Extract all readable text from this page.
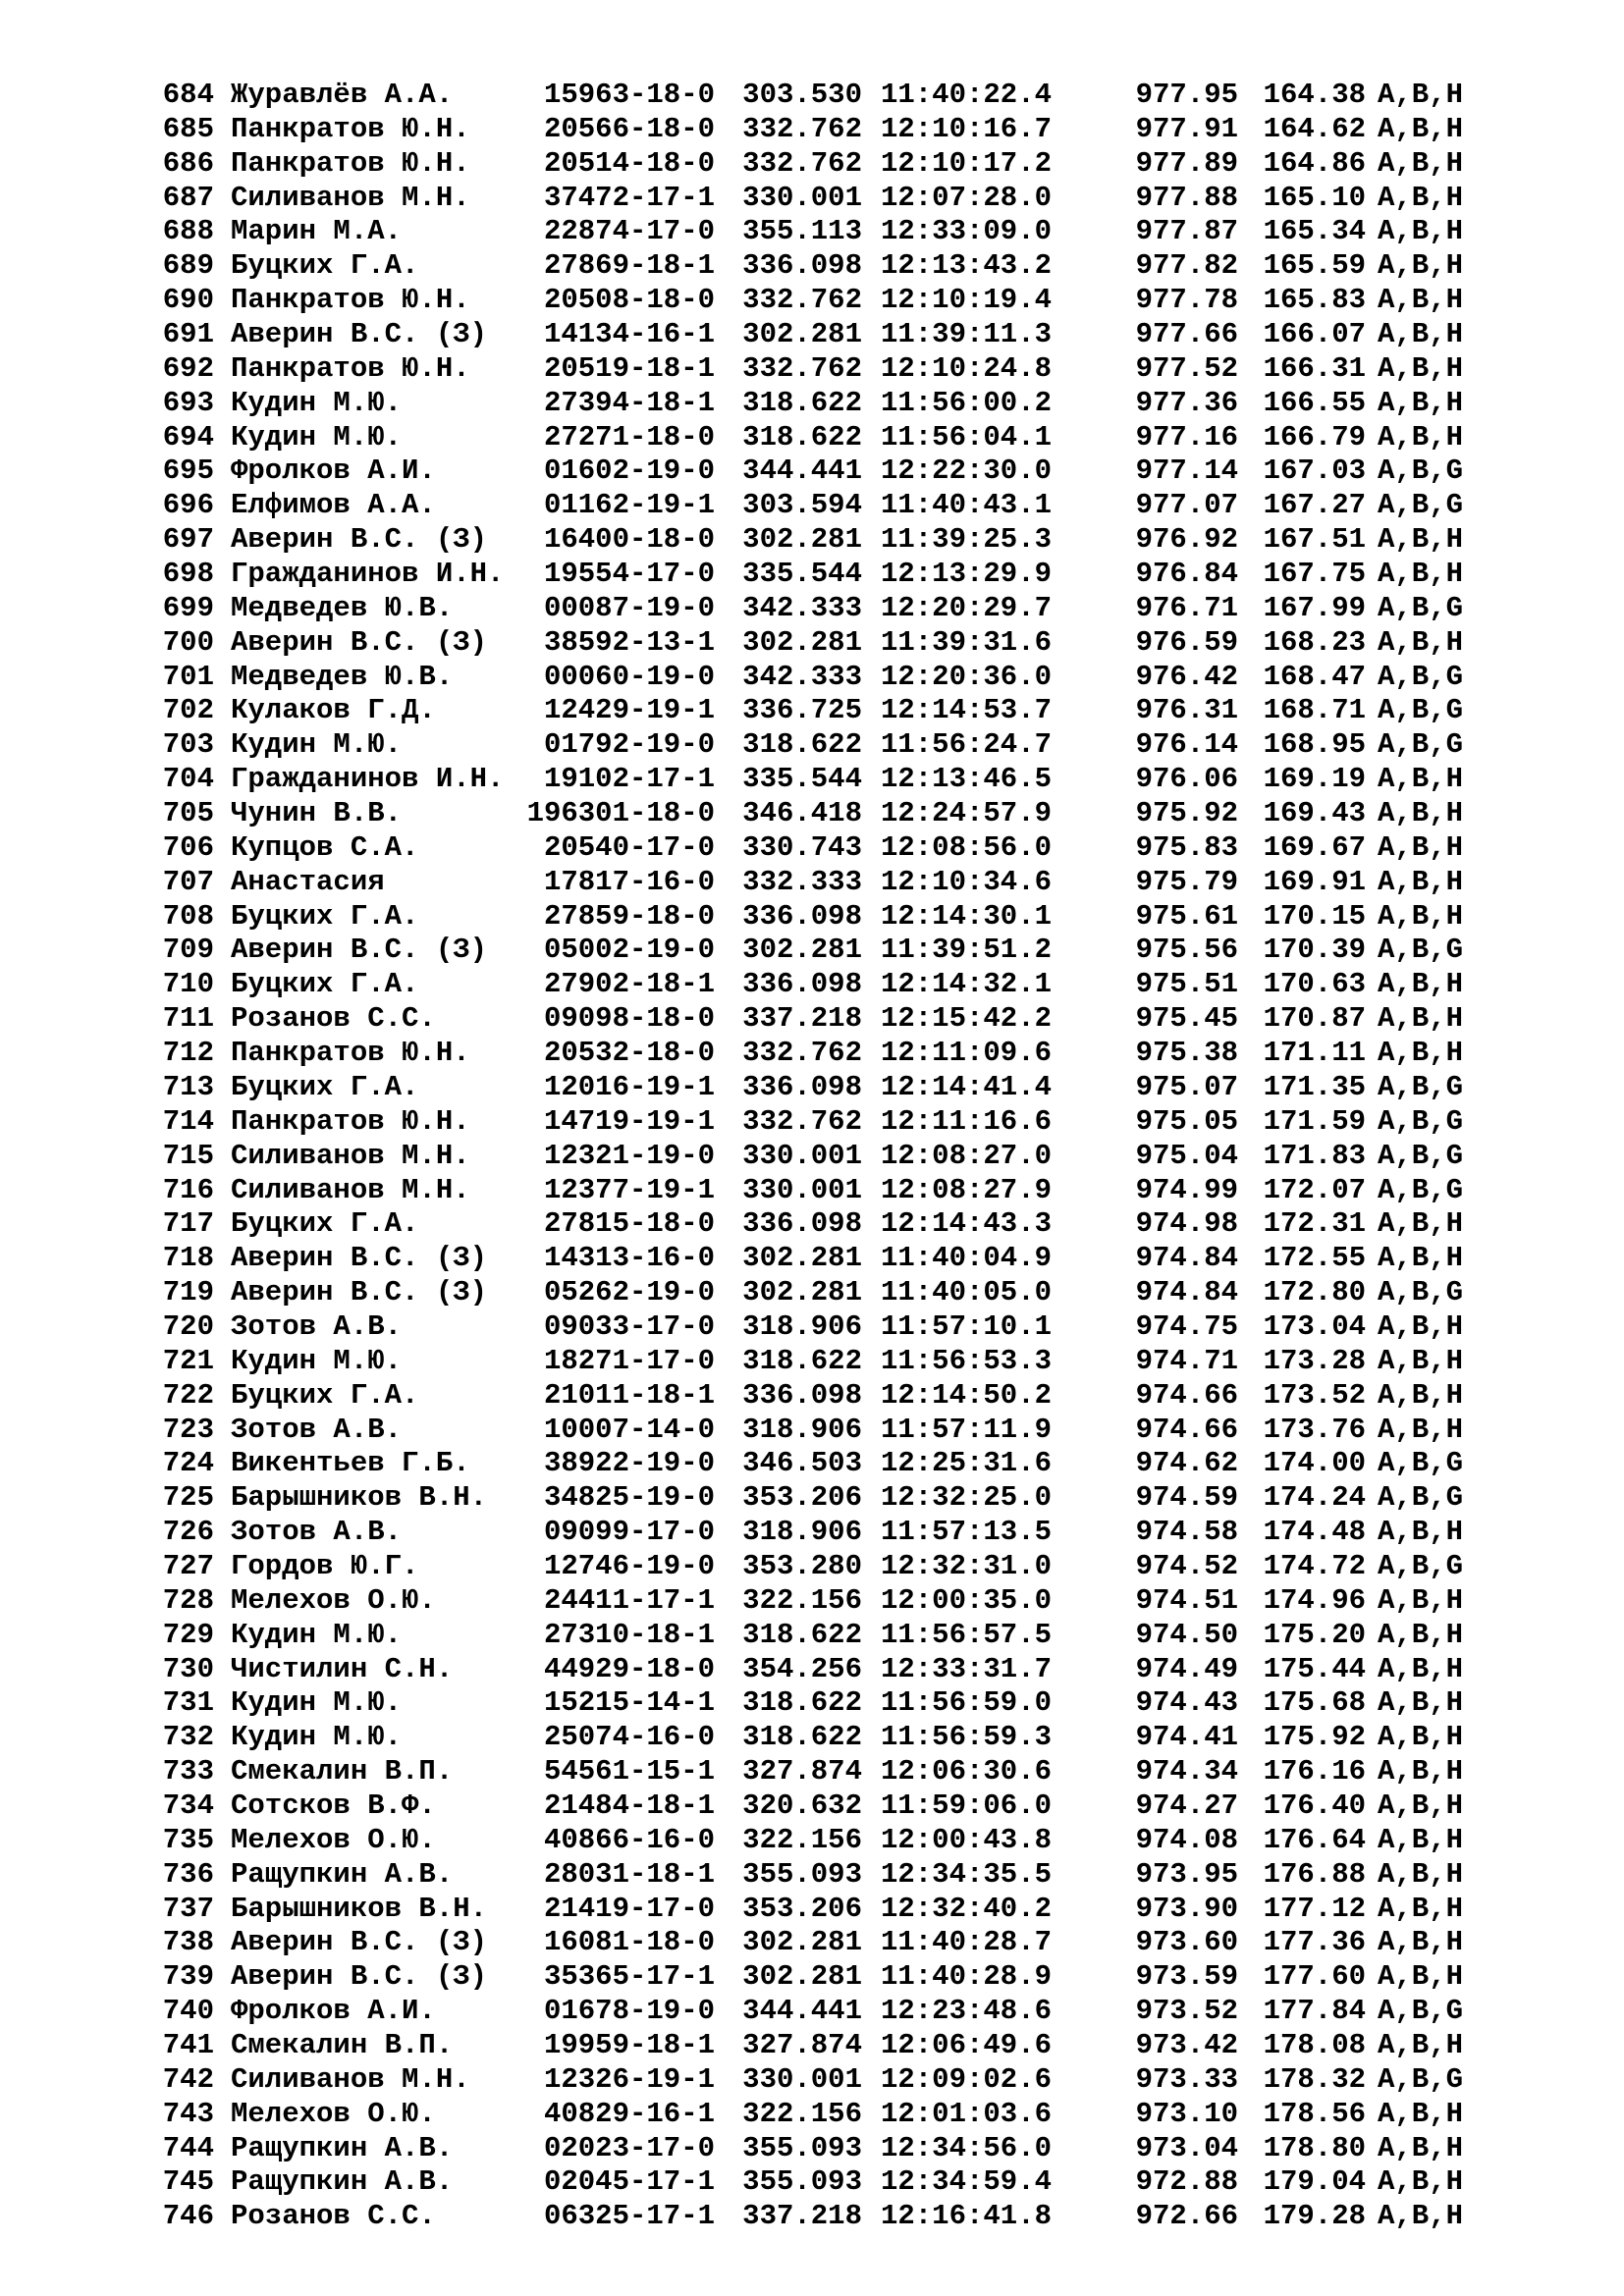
684 Журавлёв А.А.	15963-18-0 303.530 11:40:22.4	977.95 164.38 A,B,H
685 Панкратов Ю.Н.	20566-18-0 332.762 12:10:16.7	977.91 164.62 A,B,H
686 Панкратов Ю.Н.	20514-18-0 332.762 12:10:17.2	977.89 164.86 A,B,H
687 Силиванов М.Н.	37472-17-1 330.001 12:07:28.0	977.88 165.10 A,B,H
688 Марин М.А.	22874-17-0 355.113 12:33:09.0	977.87 165.34 A,B,H
689 Буцких Г.А.	27869-18-1 336.098 12:13:43.2	977.82 165.59 A,B,H
690 Панкратов Ю.Н.	20508-18-0 332.762 12:10:19.4	977.78 165.83 A,B,H
691 Аверин В.С. (З)	14134-16-1 302.281 11:39:11.3	977.66 166.07 A,B,H
692 Панкратов Ю.Н.	20519-18-1 332.762 12:10:24.8	977.52 166.31 A,B,H
693 Кудин М.Ю.	27394-18-1 318.622 11:56:00.2	977.36 166.55 A,B,H
694 Кудин М.Ю.	27271-18-0 318.622 11:56:04.1	977.16 166.79 A,B,H
695 Фролков А.И.	01602-19-0 344.441 12:22:30.0	977.14 167.03 A,B,G
696 Елфимов А.А.	01162-19-1 303.594 11:40:43.1	977.07 167.27 A,B,G
697 Аверин В.С. (З)	16400-18-0 302.281 11:39:25.3	976.92 167.51 A,B,H
698 Гражданинов И.Н.	19554-17-0 335.544 12:13:29.9	976.84 167.75 A,B,H
699 Медведев Ю.В.	00087-19-0 342.333 12:20:29.7	976.71 167.99 A,B,G
700 Аверин В.С. (З)	38592-13-1 302.281 11:39:31.6	976.59 168.23 A,B,H
701 Медведев Ю.В.	00060-19-0 342.333 12:20:36.0	976.42 168.47 A,B,G
702 Кулаков Г.Д.	12429-19-1 336.725 12:14:53.7	976.31 168.71 A,B,G
703 Кудин М.Ю.	01792-19-0 318.622 11:56:24.7	976.14 168.95 A,B,G
704 Гражданинов И.Н.	19102-17-1 335.544 12:13:46.5	976.06 169.19 A,B,H
705 Чунин В.В.	196301-18-0 346.418 12:24:57.9	975.92 169.43 A,B,H
706 Купцов С.А.	20540-17-0 330.743 12:08:56.0	975.83 169.67 A,B,H
707 Анастасия	17817-16-0 332.333 12:10:34.6	975.79 169.91 A,B,H
708 Буцких Г.А.	27859-18-0 336.098 12:14:30.1	975.61 170.15 A,B,H
709 Аверин В.С. (З)	05002-19-0 302.281 11:39:51.2	975.56 170.39 A,B,G
710 Буцких Г.А.	27902-18-1 336.098 12:14:32.1	975.51 170.63 A,B,H
711 Розанов С.С.	09098-18-0 337.218 12:15:42.2	975.45 170.87 A,B,H
712 Панкратов Ю.Н.	20532-18-0 332.762 12:11:09.6	975.38 171.11 A,B,H
713 Буцких Г.А.	12016-19-1 336.098 12:14:41.4	975.07 171.35 A,B,G
714 Панкратов Ю.Н.	14719-19-1 332.762 12:11:16.6	975.05 171.59 A,B,G
715 Силиванов М.Н.	12321-19-0 330.001 12:08:27.0	975.04 171.83 A,B,G
716 Силиванов М.Н.	12377-19-1 330.001 12:08:27.9	974.99 172.07 A,B,G
717 Буцких Г.А.	27815-18-0 336.098 12:14:43.3	974.98 172.31 A,B,H
718 Аверин В.С. (З)	14313-16-0 302.281 11:40:04.9	974.84 172.55 A,B,H
719 Аверин В.С. (З)	05262-19-0 302.281 11:40:05.0	974.84 172.80 A,B,G
720 Зотов А.В.	09033-17-0 318.906 11:57:10.1	974.75 173.04 A,B,H
721 Кудин М.Ю.	18271-17-0 318.622 11:56:53.3	974.71 173.28 A,B,H
722 Буцких Г.А.	21011-18-1 336.098 12:14:50.2	974.66 173.52 A,B,H
723 Зотов А.В.	10007-14-0 318.906 11:57:11.9	974.66 173.76 A,B,H
724 Викентьев Г.Б.	38922-19-0 346.503 12:25:31.6	974.62 174.00 A,B,G
725 Барышников В.Н.	34825-19-0 353.206 12:32:25.0	974.59 174.24 A,B,G
726 Зотов А.В.	09099-17-0 318.906 11:57:13.5	974.58 174.48 A,B,H
727 Гордов Ю.Г.	12746-19-0 353.280 12:32:31.0	974.52 174.72 A,B,G
728 Мелехов О.Ю.	24411-17-1 322.156 12:00:35.0	974.51 174.96 A,B,H
729 Кудин М.Ю.	27310-18-1 318.622 11:56:57.5	974.50 175.20 A,B,H
730 Чистилин С.Н.	44929-18-0 354.256 12:33:31.7	974.49 175.44 A,B,H
731 Кудин М.Ю.	15215-14-1 318.622 11:56:59.0	974.43 175.68 A,B,H
732 Кудин М.Ю.	25074-16-0 318.622 11:56:59.3	974.41 175.92 A,B,H
733 Смекалин В.П.	54561-15-1 327.874 12:06:30.6	974.34 176.16 A,B,H
734 Сотсков В.Ф.	21484-18-1 320.632 11:59:06.0	974.27 176.40 A,B,H
735 Мелехов О.Ю.	40866-16-0 322.156 12:00:43.8	974.08 176.64 A,B,H
736 Ращупкин А.В.	28031-18-1 355.093 12:34:35.5	973.95 176.88 A,B,H
737 Барышников В.Н.	21419-17-0 353.206 12:32:40.2	973.90 177.12 A,B,H
738 Аверин В.С. (З)	16081-18-0 302.281 11:40:28.7	973.60 177.36 A,B,H
739 Аверин В.С. (З)	35365-17-1 302.281 11:40:28.9	973.59 177.60 A,B,H
740 Фролков А.И.	01678-19-0 344.441 12:23:48.6	973.52 177.84 A,B,G
741 Смекалин В.П.	19959-18-1 327.874 12:06:49.6	973.42 178.08 A,B,H
742 Силиванов М.Н.	12326-19-1 330.001 12:09:02.6	973.33 178.32 A,B,G
743 Мелехов О.Ю.	40829-16-1 322.156 12:01:03.6	973.10 178.56 A,B,H
744 Ращупкин А.В.	02023-17-0 355.093 12:34:56.0	973.04 178.80 A,B,H
745 Ращупкин А.В.	02045-17-1 355.093 12:34:59.4	972.88 179.04 A,B,H
746 Розанов С.С.	06325-17-1 337.218 12:16:41.8	972.66 179.28 A,B,H
